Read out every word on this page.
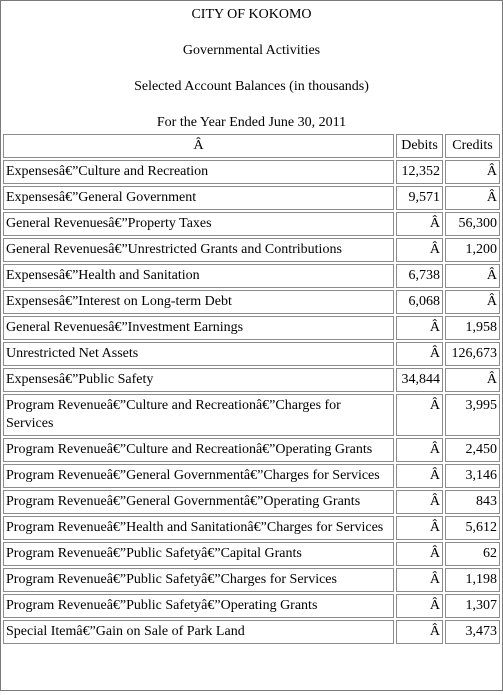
CITY OF KOKOMO
Governmental Activities
Selected Account Balances (in thousands)
For the Year Ended June 30, 2011
Â	Debits	Credits
Expensesâ€”Culture and Recreation	12,352	Â
Expensesâ€”General Government	9,571	Â
General Revenuesâ€”Property Taxes	Â	56,300
General Revenuesâ€”Unrestricted Grants and Contributions	Â	1,200
Expensesâ€”Health and Sanitation	6,738	Â
Expensesâ€”Interest on Long-term Debt	6,068	Â
General Revenuesâ€”Investment Earnings	Â	1,958
Unrestricted Net Assets	Â	126,673
Expensesâ€”Public Safety	34,844	Â
Program Revenueâ€”Culture and Recreationâ€”Charges for Services	Â	3,995
Program Revenueâ€”Culture and Recreationâ€”Operating Grants	Â	2,450
Program Revenueâ€”General Governmentâ€”Charges for Services	Â	3,146
Program Revenueâ€”General Governmentâ€”Operating Grants	Â	843
Program Revenueâ€”Health and Sanitationâ€”Charges for Services	Â	5,612
Program Revenueâ€”Public Safetyâ€”Capital Grants	Â	62
Program Revenueâ€”Public Safetyâ€”Charges for Services	Â	1,198
Program Revenueâ€”Public Safetyâ€”Operating Grants	Â	1,307
Special Itemâ€”Gain on Sale of Park Land	Â	3,473
